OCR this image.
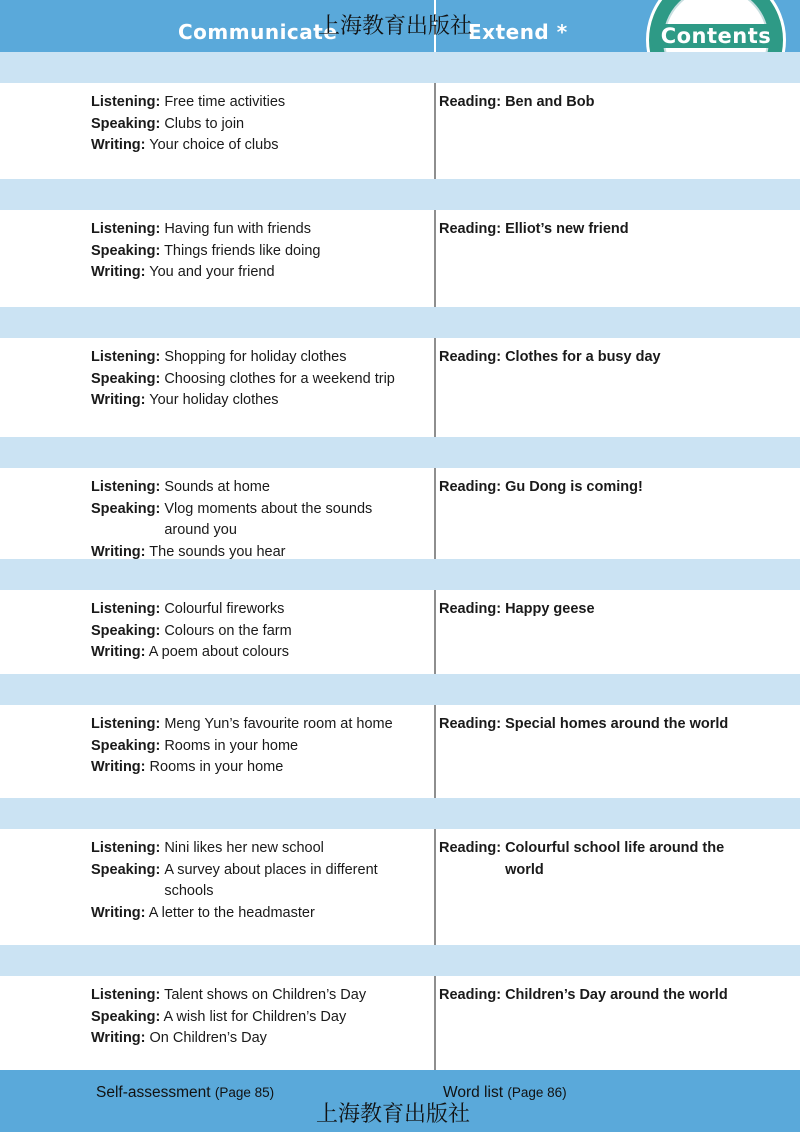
Communicate	Extend *
上海教育出版社	Contents
Listening: Free time activities
Speaking: Clubs to join
Writing: Your choice of clubs
Reading: Ben and Bob
Listening: Having fun with friends
Speaking: Things friends like doing
Writing: You and your friend
Reading: Elliot’s new friend
Listening: Shopping for holiday clothes
Speaking: Choosing clothes for a weekend trip
Writing: Your holiday clothes
Reading: Clothes for a busy day
Listening: Sounds at home
Speaking: Vlog moments about the sounds around you
Writing: The sounds you hear
Reading: Gu Dong is coming!
Listening: Colourful fireworks
Speaking: Colours on the farm
Writing: A poem about colours
Reading: Happy geese
Listening: Meng Yun’s favourite room at home
Speaking: Rooms in your home
Writing: Rooms in your home
Reading: Special homes around the world
Listening: Nini likes her new school
Speaking: A survey about places in different schools
Writing: A letter to the headmaster
Reading: Colourful school life around the world
Listening: Talent shows on Children’s Day
Speaking: A wish list for Children’s Day
Writing: On Children’s Day
Reading: Children’s Day around the world
Self-assessment (Page 85)	Word list (Page 86)
上海教育出版社
